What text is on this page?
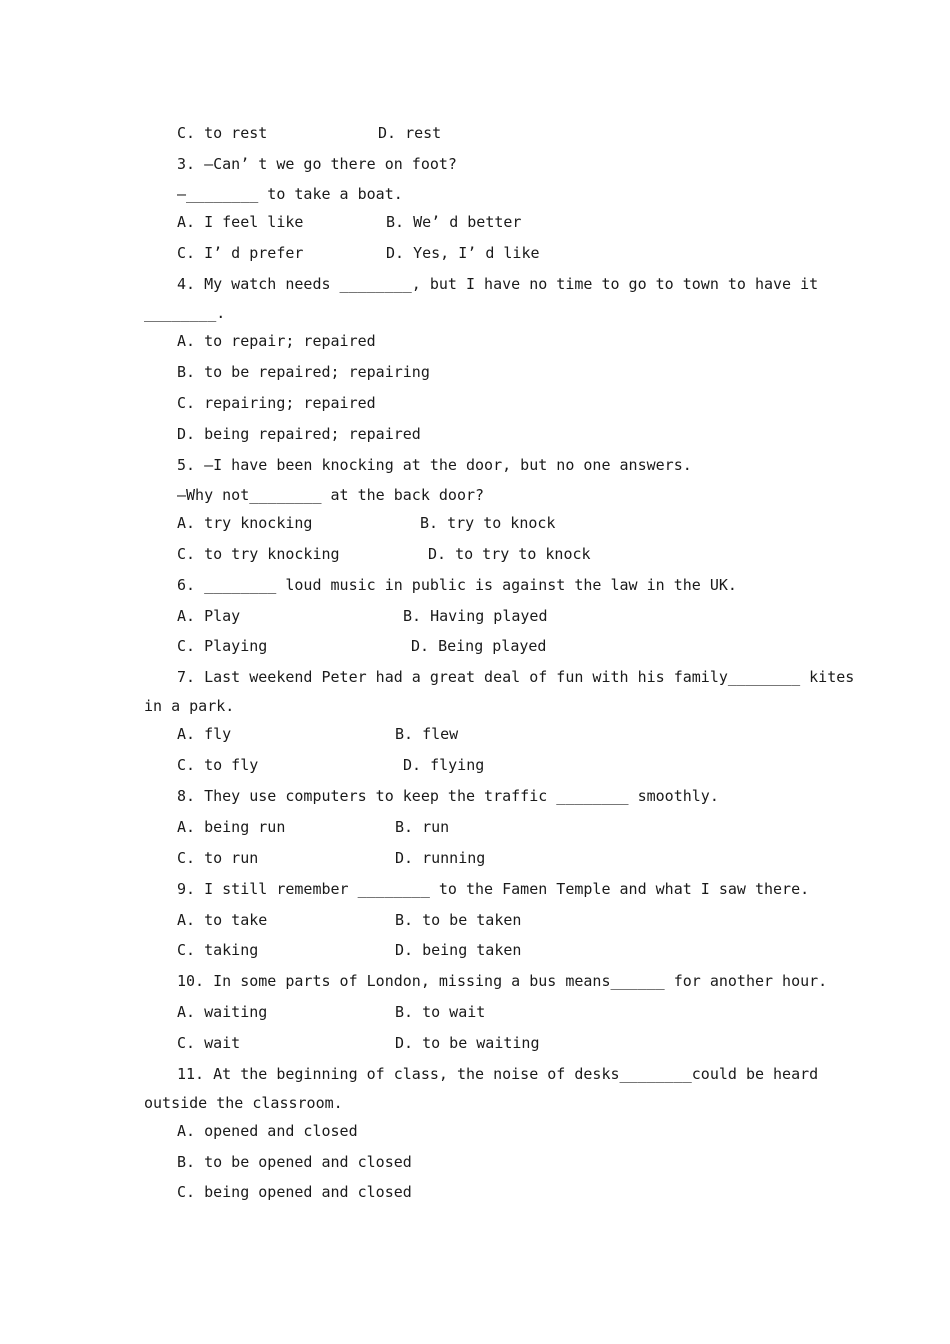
C. to rest	D. rest
3. —Can’ t we go there on foot?
—________ to take a boat.
A. I feel like	B. We’ d better
C. I’ d prefer	D. Yes, I’ d like
4. My watch needs ________, but I have no time to go to town to have it
________.
A. to repair; repaired
B. to be repaired; repairing
C. repairing; repaired
D. being repaired; repaired
5. —I have been knocking at the door, but no one answers.
—Why not________ at the back door?
A. try knocking	B. try to knock
C. to try knocking	D. to try to knock
6. ________ loud music in public is against the law in the UK.
A. Play	B. Having played
C. Playing	D. Being played
7. Last weekend Peter had a great deal of fun with his family________ kites
in a park.
A. fly	B. flew
C. to fly	D. flying
8. They use computers to keep the traffic ________ smoothly.
A. being run	B. run
C. to run	D. running
9. I still remember ________ to the Famen Temple and what I saw there.
A. to take	B. to be taken
C. taking	D. being taken
10. In some parts of London, missing a bus means______ for another hour.
A. waiting	B. to wait
C. wait	D. to be waiting
11. At the beginning of class, the noise of desks________could be heard
outside the classroom.
A. opened and closed
B. to be opened and closed
C. being opened and closed
